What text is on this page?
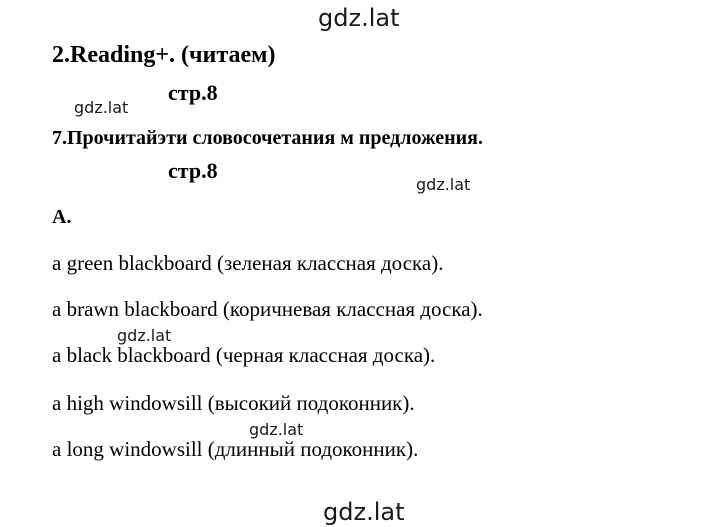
gdz.lat
2.Reading+. (читаем)
gdz.lat
стр.8
7.Прочитайэти словосочетания м предложения.
стр.8
gdz.lat
А.
a green blackboard (зеленая классная доска).
a brawn blackboard (коричневая классная доска).
gdz.lat
a black blackboard (черная классная доска).
a high windowsill (высокий подоконник).
gdz.lat
a long windowsill (длинный подоконник).
gdz.lat
